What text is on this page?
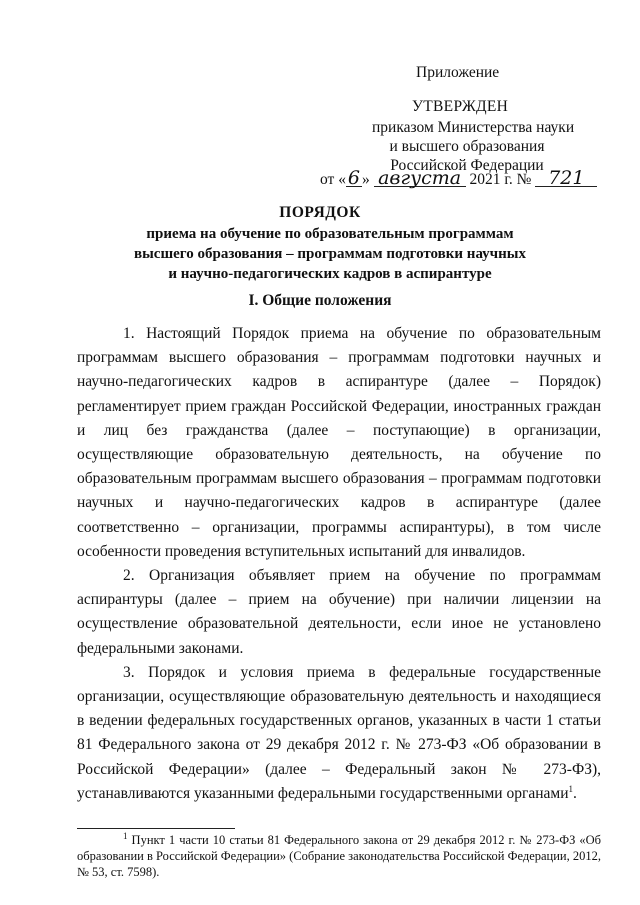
Приложение
УТВЕРЖДЕН
приказом Министерства науки
и высшего образования
Российской Федерации
от « 6 » августа 2021 г. № 721
ПОРЯДОК
приема на обучение по образовательным программам
высшего образования – программам подготовки научных
и научно-педагогических кадров в аспирантуре
I. Общие положения

1. Настоящий Порядок приема на обучение по образовательным программам высшего образования – программам подготовки научных и научно-педагогических кадров в аспирантуре (далее – Порядок) регламентирует прием граждан Российской Федерации, иностранных граждан и лиц без гражданства (далее – поступающие) в организации, осуществляющие образовательную деятельность, на обучение по образовательным программам высшего образования – программам подготовки научных и научно-педагогических кадров в аспирантуре (далее соответственно – организации, программы аспирантуры), в том числе особенности проведения вступительных испытаний для инвалидов.

2. Организация объявляет прием на обучение по программам аспирантуры (далее – прием на обучение) при наличии лицензии на осуществление образовательной деятельности, если иное не установлено федеральными законами.

3. Порядок и условия приема в федеральные государственные организации, осуществляющие образовательную деятельность и находящиеся в ведении федеральных государственных органов, указанных в части 1 статьи 81 Федерального закона от 29 декабря 2012 г. № 273-ФЗ «Об образовании в Российской Федерации» (далее – Федеральный закон № 273-ФЗ), устанавливаются указанными федеральными государственными органами$^1$.

$^1$ Пункт 1 части 10 статьи 81 Федерального закона от 29 декабря 2012 г. № 273-ФЗ «Об образовании в Российской Федерации» (Собрание законодательства Российской Федерации, 2012, № 53, ст. 7598).
